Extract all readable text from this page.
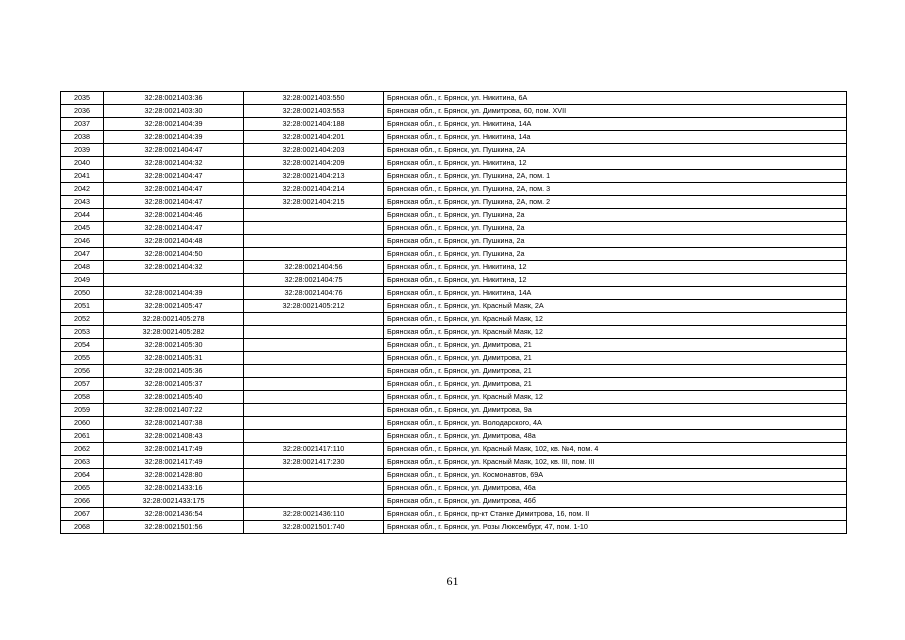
2035	32:28:0021403:36	32:28:0021403:550	Брянская обл., г. Брянск, ул. Никитина, 6А
2036	32:28:0021403:30	32:28:0021403:553	Брянская обл., г. Брянск, ул. Димитрова, 60, пом. XVII
2037	32:28:0021404:39	32:28:0021404:188	Брянская обл., г. Брянск, ул. Никитина, 14А
2038	32:28:0021404:39	32:28:0021404:201	Брянская обл., г. Брянск, ул. Никитина, 14а
2039	32:28:0021404:47	32:28:0021404:203	Брянская обл., г. Брянск, ул. Пушкина, 2А
2040	32:28:0021404:32	32:28:0021404:209	Брянская обл., г. Брянск, ул. Никитина, 12
2041	32:28:0021404:47	32:28:0021404:213	Брянская обл., г. Брянск, ул. Пушкина, 2А, пом. 1
2042	32:28:0021404:47	32:28:0021404:214	Брянская обл., г. Брянск, ул. Пушкина, 2А, пом. 3
2043	32:28:0021404:47	32:28:0021404:215	Брянская обл., г. Брянск, ул. Пушкина, 2А, пом. 2
2044	32:28:0021404:46		Брянская обл., г. Брянск, ул. Пушкина, 2а
2045	32:28:0021404:47		Брянская обл., г. Брянск, ул. Пушкина, 2а
2046	32:28:0021404:48		Брянская обл., г. Брянск, ул. Пушкина, 2а
2047	32:28:0021404:50		Брянская обл., г. Брянск, ул. Пушкина, 2а
2048	32:28:0021404:32	32:28:0021404:56	Брянская обл., г. Брянск, ул. Никитина, 12
2049		32:28:0021404:75	Брянская обл., г. Брянск, ул. Никитина, 12
2050	32:28:0021404:39	32:28:0021404:76	Брянская обл., г. Брянск, ул. Никитина, 14А
2051	32:28:0021405:47	32:28:0021405:212	Брянская обл., г. Брянск, ул. Красный Маяк, 2А
2052	32:28:0021405:278		Брянская обл., г. Брянск, ул. Красный Маяк, 12
2053	32:28:0021405:282		Брянская обл., г. Брянск, ул. Красный Маяк, 12
2054	32:28:0021405:30		Брянская обл., г. Брянск, ул. Димитрова, 21
2055	32:28:0021405:31		Брянская обл., г. Брянск, ул. Димитрова, 21
2056	32:28:0021405:36		Брянская обл., г. Брянск, ул. Димитрова, 21
2057	32:28:0021405:37		Брянская обл., г. Брянск, ул. Димитрова, 21
2058	32:28:0021405:40		Брянская обл., г. Брянск, ул. Красный Маяк, 12
2059	32:28:0021407:22		Брянская обл., г. Брянск, ул. Димитрова, 9а
2060	32:28:0021407:38		Брянская обл., г. Брянск, ул. Володарского, 4А
2061	32:28:0021408:43		Брянская обл., г. Брянск, ул. Димитрова, 48а
2062	32:28:0021417:49	32:28:0021417:110	Брянская обл., г. Брянск, ул. Красный Маяк, 102, кв. №4, пом. 4
2063	32:28:0021417:49	32:28:0021417:230	Брянская обл., г. Брянск, ул. Красный Маяк, 102, кв. III, пом. III
2064	32:28:0021428:80		Брянская обл., г. Брянск, ул. Космонавтов, 69А
2065	32:28:0021433:16		Брянская обл., г. Брянск, ул. Димитрова, 46а
2066	32:28:0021433:175		Брянская обл., г. Брянск, ул. Димитрова, 46б
2067	32:28:0021436:54	32:28:0021436:110	Брянская обл., г. Брянск, пр-кт Станке Димитрова, 16, пом. II
2068	32:28:0021501:56	32:28:0021501:740	Брянская обл., г. Брянск, ул. Розы Люксембург, 47, пом. 1-10
61
